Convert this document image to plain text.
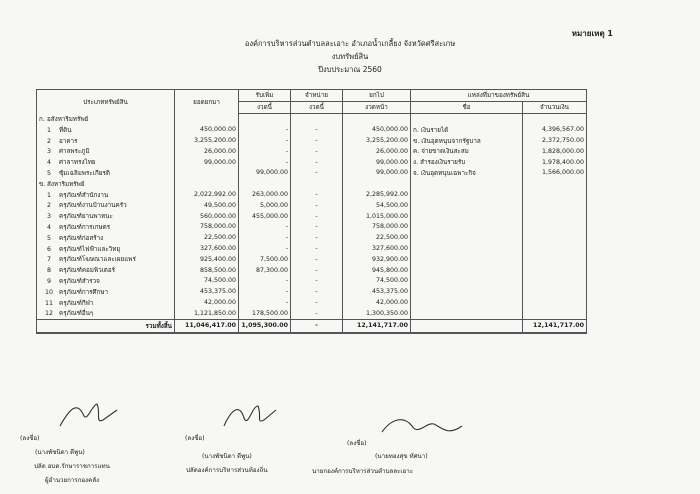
หมายเหตุ 1
องค์การบริหารส่วนตำบลละเอาะ อำเภอน้ำเกลี้ยง จังหวัดศรีสะเกษ
งบทรัพย์สิน
ปีงบประมาณ 2560
ประเภททรัพย์สิน	ยอดยกมา	รับเพิ่ม	จำหน่าย	ยกไป	แหล่งที่มาของทรัพย์สิน	
		งวดนี้	งวดนี้	งวดหน้า	ชื่อ	จำนวนเงิน
ก. อสังหาริมทรัพย์						
1 ที่ดิน	450,000.00	-	-	450,000.00	ก. เงินรายได้	4,396,567.00
2 อาคาร	3,255,200.00	-	-	3,255,200.00	ข. เงินอุดหนุนจากรัฐบาล	2,372,750.00
3 ศาลพระภูมิ	26,000.00	-	-	26,000.00	ค. จ่ายขาดเงินสะสม	1,828,000.00
4 ศาลาทรงไทย	99,000.00	-	-	99,000.00	ง. สำรองเงินรายรับ	1,978,400.00
5 ซุ้มเฉลิมพระเกียรติ		99,000.00	-	99,000.00	จ. เงินอุดหนุนเฉพาะกิจ	1,566,000.00
ข. สังหาริมทรัพย์						
1 ครุภัณฑ์สำนักงาน	2,022,992.00	263,000.00	-	2,285,992.00		
2 ครุภัณฑ์งานบ้านงานครัว	49,500.00	5,000.00	-	54,500.00		
3 ครุภัณฑ์ยานพาหนะ	560,000.00	455,000.00	-	1,015,000.00		
4 ครุภัณฑ์การเกษตร	758,000.00	-	-	758,000.00		
5 ครุภัณฑ์ก่อสร้าง	22,500.00	-	-	22,500.00		
6 ครุภัณฑ์ไฟฟ้าและวิทยุ	327,600.00	-	-	327,600.00		
7 ครุภัณฑ์โฆษณาและเผยแพร่	925,400.00	7,500.00	-	932,900.00		
8 ครุภัณฑ์คอมพิวเตอร์	858,500.00	87,300.00	-	945,800.00		
9 ครุภัณฑ์สำรวจ	74,500.00	-	-	74,500.00		
10 ครุภัณฑ์การศึกษา	453,375.00	-	-	453,375.00		
11 ครุภัณฑ์กีฬา	42,000.00	-	-	42,000.00		
12 ครุภัณฑ์อื่นๆ	1,121,850.00	178,500.00	-	1,300,350.00		
รวมทั้งสิ้น	11,046,417.00	1,095,300.00	-	12,141,717.00		12,141,717.00
(ลงชื่อ)
(นางพัชนิดา ดีพูน)
ปลัด อบต.รักษาราชการแทน
ผู้อำนวยการกองคลัง
(ลงชื่อ)
(นางพัชนิดา ดีพูน)
ปลัดองค์การบริหารส่วนท้องถิ่น
(ลงชื่อ)
(นายทองสุข ทัศนา)
นายกองค์การบริหารส่วนตำบลละเอาะ
